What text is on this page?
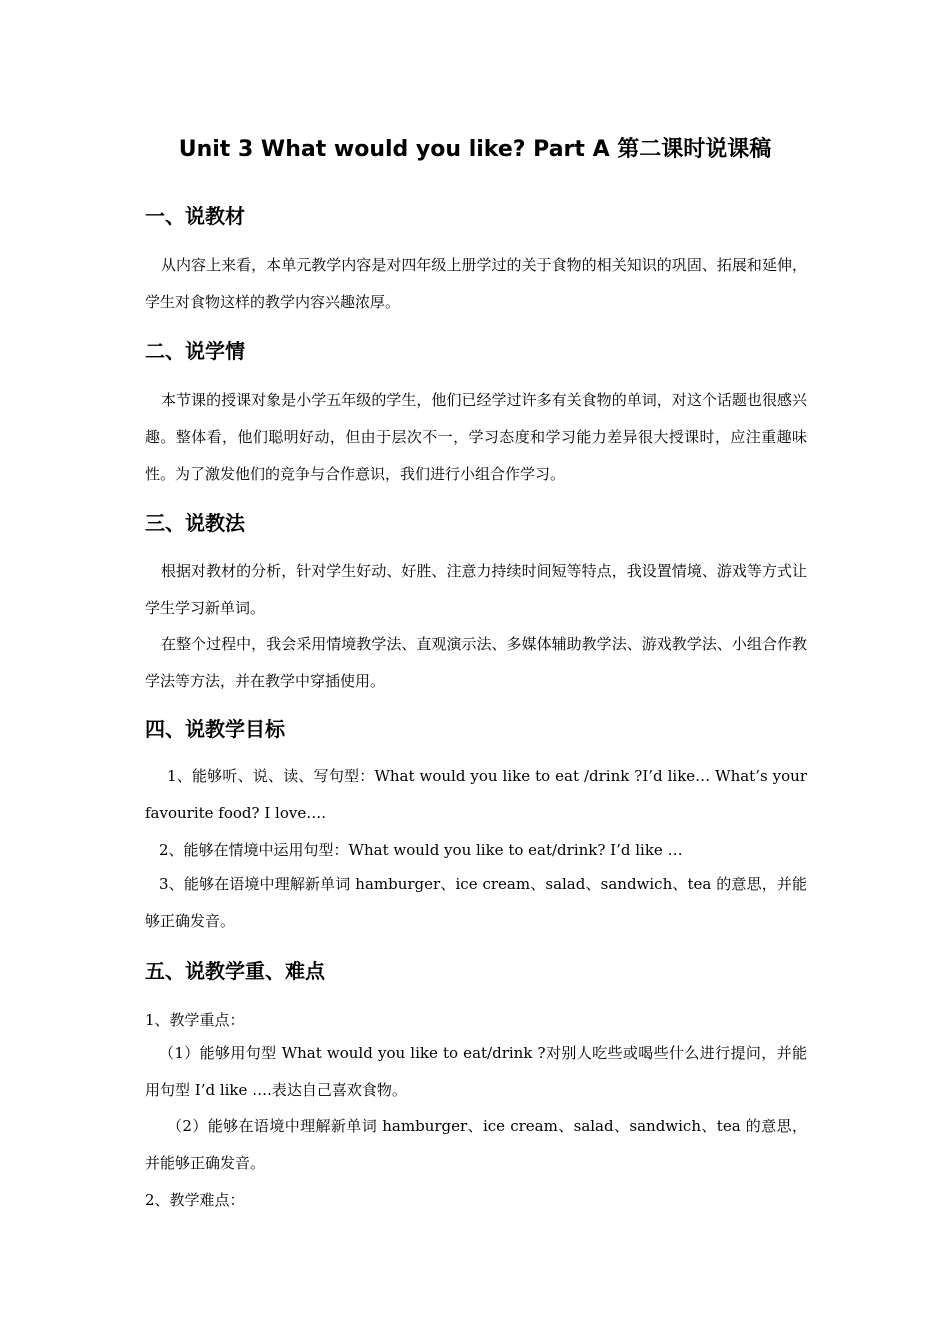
Unit 3 What would you like? Part A 第二课时说课稿
一、说教材

从内容上来看，本单元教学内容是对四年级上册学过的关于食物的相关知识的巩固、拓展和延伸，学生对食物这样的教学内容兴趣浓厚。

二、说学情

本节课的授课对象是小学五年级的学生，他们已经学过许多有关食物的单词，对这个话题也很感兴趣。整体看，他们聪明好动，但由于层次不一，学习态度和学习能力差异很大授课时，应注重趣味性。为了激发他们的竞争与合作意识，我们进行小组合作学习。

三、说教法

根据对教材的分析，针对学生好动、好胜、注意力持续时间短等特点，我设置情境、游戏等方式让学生学习新单词。

在整个过程中，我会采用情境教学法、直观演示法、多媒体辅助教学法、游戏教学法、小组合作教学法等方法，并在教学中穿插使用。

四、说教学目标

1、能够听、说、读、写句型：What would you like to eat /drink ?I’d like… What’s your favourite food? I love….

2、能够在情境中运用句型：What would you like to eat/drink? I’d like …

3、能够在语境中理解新单词 hamburger、ice cream、salad、sandwich、tea 的意思，并能够正确发音。

五、说教学重、难点

1、教学重点：

（1）能够用句型 What would you like to eat/drink ?对别人吃些或喝些什么进行提问，并能用句型 I’d like ….表达自己喜欢食物。

（2）能够在语境中理解新单词 hamburger、ice cream、salad、sandwich、tea 的意思，并能够正确发音。

2、教学难点：
